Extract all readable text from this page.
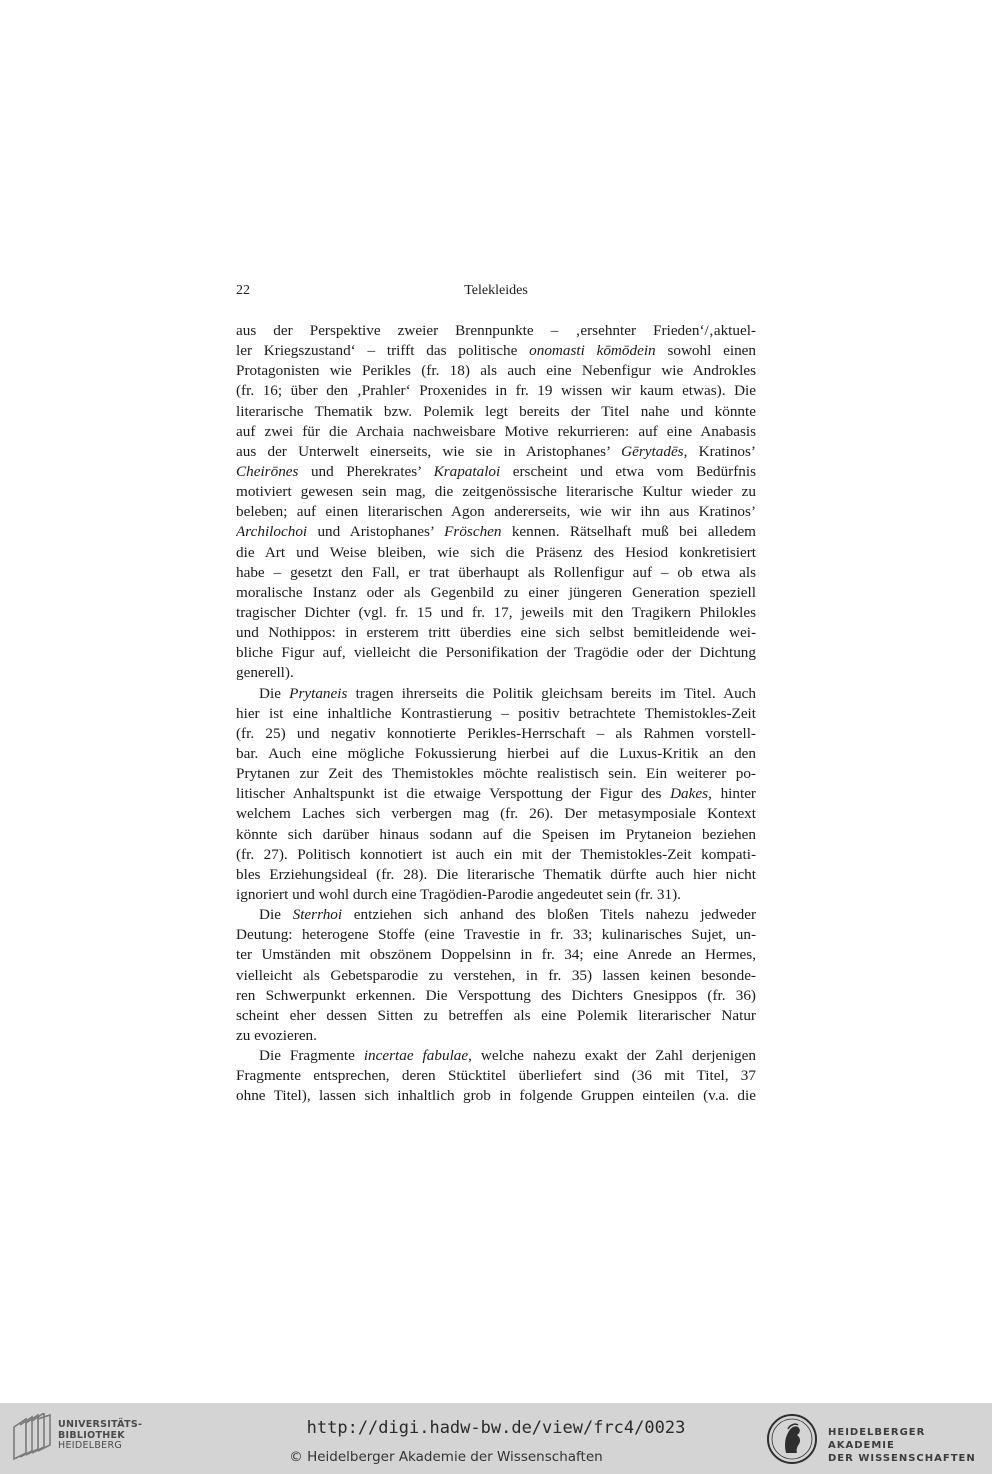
22	Telekleides
aus der Perspektive zweier Brennpunkte – ‚ersehnter Frieden‘/‚aktuel-
ler Kriegszustand‘ – trifft das politische onomasti kōmōdein sowohl einen
Protagonisten wie Perikles (fr. 18) als auch eine Nebenfigur wie Androkles
(fr. 16; über den ‚Prahler‘ Proxenides in fr. 19 wissen wir kaum etwas). Die
literarische Thematik bzw. Polemik legt bereits der Titel nahe und könnte
auf zwei für die Archaia nachweisbare Motive rekurrieren: auf eine Anabasis
aus der Unterwelt einerseits, wie sie in Aristophanes’ Gērytadēs, Kratinos’
Cheirōnes und Pherekrates’ Krapataloi erscheint und etwa vom Bedürfnis
motiviert gewesen sein mag, die zeitgenössische literarische Kultur wieder zu
beleben; auf einen literarischen Agon andererseits, wie wir ihn aus Kratinos’
Archilochoi und Aristophanes’ Fröschen kennen. Rätselhaft muß bei alledem
die Art und Weise bleiben, wie sich die Präsenz des Hesiod konkretisiert
habe – gesetzt den Fall, er trat überhaupt als Rollenfigur auf – ob etwa als
moralische Instanz oder als Gegenbild zu einer jüngeren Generation speziell
tragischer Dichter (vgl. fr. 15 und fr. 17, jeweils mit den Tragikern Philokles
und Nothippos: in ersterem tritt überdies eine sich selbst bemitleidende wei-
bliche Figur auf, vielleicht die Personifikation der Tragödie oder der Dichtung
generell).
Die Prytaneis tragen ihrerseits die Politik gleichsam bereits im Titel. Auch
hier ist eine inhaltliche Kontrastierung – positiv betrachtete Themistokles-Zeit
(fr. 25) und negativ konnotierte Perikles-Herrschaft – als Rahmen vorstell-
bar. Auch eine mögliche Fokussierung hierbei auf die Luxus-Kritik an den
Prytanen zur Zeit des Themistokles möchte realistisch sein. Ein weiterer po-
litischer Anhaltspunkt ist die etwaige Verspottung der Figur des Dakes, hinter
welchem Laches sich verbergen mag (fr. 26). Der metasymposiale Kontext
könnte sich darüber hinaus sodann auf die Speisen im Prytaneion beziehen
(fr. 27). Politisch konnotiert ist auch ein mit der Themistokles-Zeit kompati-
bles Erziehungsideal (fr. 28). Die literarische Thematik dürfte auch hier nicht
ignoriert und wohl durch eine Tragödien-Parodie angedeutet sein (fr. 31).
Die Sterrhoi entziehen sich anhand des bloßen Titels nahezu jedweder
Deutung: heterogene Stoffe (eine Travestie in fr. 33; kulinarisches Sujet, un-
ter Umständen mit obszönem Doppelsinn in fr. 34; eine Anrede an Hermes,
vielleicht als Gebetsparodie zu verstehen, in fr. 35) lassen keinen besonde-
ren Schwerpunkt erkennen. Die Verspottung des Dichters Gnesippos (fr. 36)
scheint eher dessen Sitten zu betreffen als eine Polemik literarischer Natur
zu evozieren.
Die Fragmente incertae fabulae, welche nahezu exakt der Zahl derjenigen
Fragmente entsprechen, deren Stücktitel überliefert sind (36 mit Titel, 37
ohne Titel), lassen sich inhaltlich grob in folgende Gruppen einteilen (v.a. die
UNIVERSITÄTS-
BIBLIOTHEK
HEIDELBERG
http://digi.hadw-bw.de/view/frc4/0023
© Heidelberger Akademie der Wissenschaften
HEIDELBERGER AKADEMIE
DER WISSENSCHAFTEN
